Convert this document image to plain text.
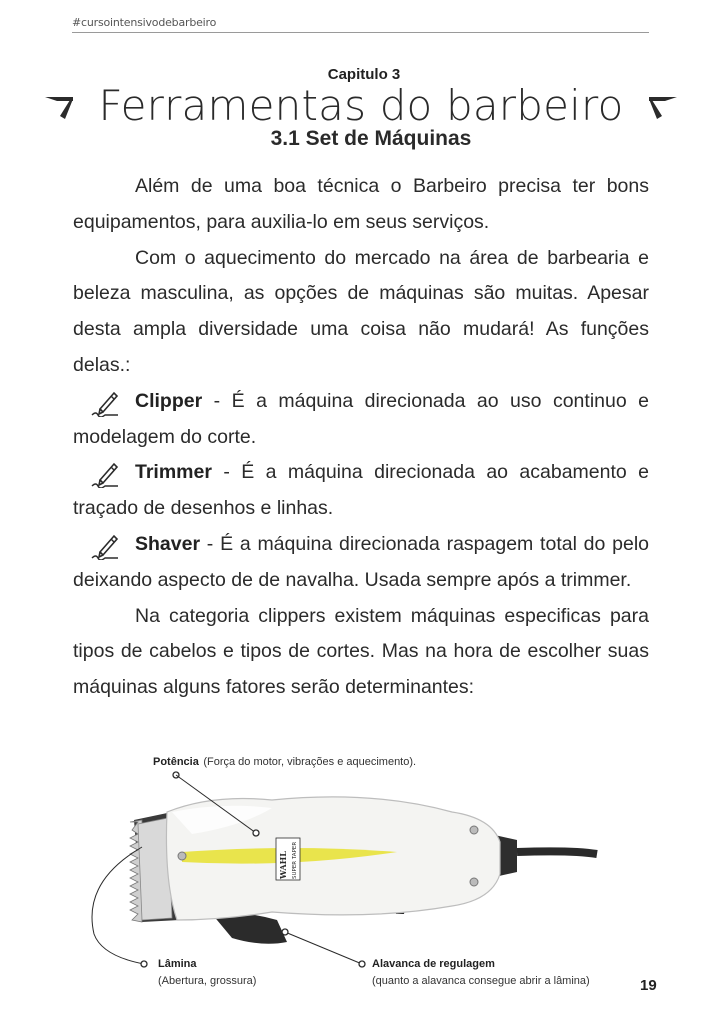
#cursointensivodebarbeiro
Capitulo 3
Ferramentas do barbeiro
3.1 Set de Máquinas

Além de uma boa técnica o Barbeiro precisa ter bons equipamentos, para auxilia-lo em seus serviços.

Com o aquecimento do mercado na área de barbearia e beleza masculina, as opções de máquinas são muitas. Apesar desta ampla diversidade uma coisa não mudará! As funções delas.:

Clipper - É a máquina direcionada ao uso continuo e modelagem do corte.

Trimmer - É a máquina direcionada ao acabamento e traçado de desenhos e linhas.

Shaver - É a máquina direcionada raspagem total do pelo deixando aspecto de de navalha. Usada sempre após a trimmer.

Na categoria clippers existem máquinas especificas para tipos de cabelos e tipos de cortes. Mas na hora de escolher suas máquinas alguns fatores serão determinantes:

WAHL SUPER TAPER
Potência (Força do motor, vibrações e aquecimento).
Lâmina
(Abertura, grossura)
Alavanca de regulagem
(quanto a alavanca consegue abrir a lâmina)	19
